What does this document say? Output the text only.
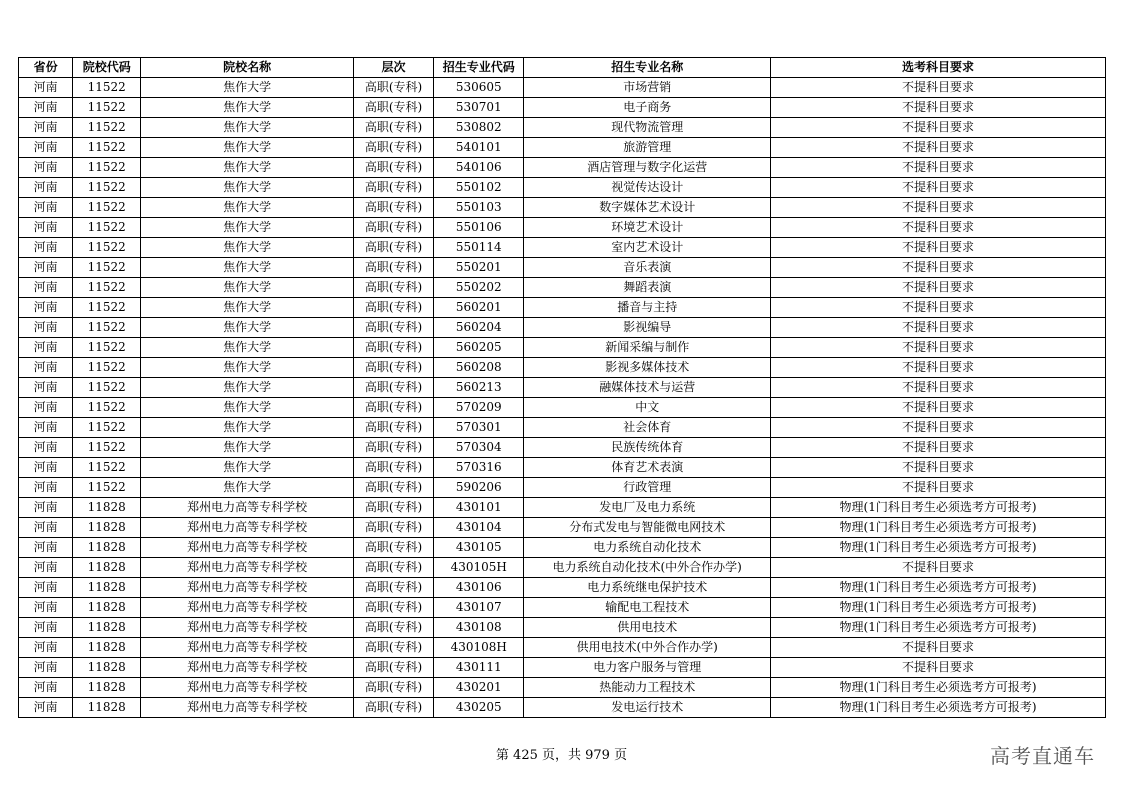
省份	院校代码	院校名称	层次	招生专业代码	招生专业名称	选考科目要求
河南	11522	焦作大学	高职(专科)	530605	市场营销	不提科目要求
河南	11522	焦作大学	高职(专科)	530701	电子商务	不提科目要求
河南	11522	焦作大学	高职(专科)	530802	现代物流管理	不提科目要求
河南	11522	焦作大学	高职(专科)	540101	旅游管理	不提科目要求
河南	11522	焦作大学	高职(专科)	540106	酒店管理与数字化运营	不提科目要求
河南	11522	焦作大学	高职(专科)	550102	视觉传达设计	不提科目要求
河南	11522	焦作大学	高职(专科)	550103	数字媒体艺术设计	不提科目要求
河南	11522	焦作大学	高职(专科)	550106	环境艺术设计	不提科目要求
河南	11522	焦作大学	高职(专科)	550114	室内艺术设计	不提科目要求
河南	11522	焦作大学	高职(专科)	550201	音乐表演	不提科目要求
河南	11522	焦作大学	高职(专科)	550202	舞蹈表演	不提科目要求
河南	11522	焦作大学	高职(专科)	560201	播音与主持	不提科目要求
河南	11522	焦作大学	高职(专科)	560204	影视编导	不提科目要求
河南	11522	焦作大学	高职(专科)	560205	新闻采编与制作	不提科目要求
河南	11522	焦作大学	高职(专科)	560208	影视多媒体技术	不提科目要求
河南	11522	焦作大学	高职(专科)	560213	融媒体技术与运营	不提科目要求
河南	11522	焦作大学	高职(专科)	570209	中文	不提科目要求
河南	11522	焦作大学	高职(专科)	570301	社会体育	不提科目要求
河南	11522	焦作大学	高职(专科)	570304	民族传统体育	不提科目要求
河南	11522	焦作大学	高职(专科)	570316	体育艺术表演	不提科目要求
河南	11522	焦作大学	高职(专科)	590206	行政管理	不提科目要求
河南	11828	郑州电力高等专科学校	高职(专科)	430101	发电厂及电力系统	物理(1门科目考生必须选考方可报考)
河南	11828	郑州电力高等专科学校	高职(专科)	430104	分布式发电与智能微电网技术	物理(1门科目考生必须选考方可报考)
河南	11828	郑州电力高等专科学校	高职(专科)	430105	电力系统自动化技术	物理(1门科目考生必须选考方可报考)
河南	11828	郑州电力高等专科学校	高职(专科)	430105H	电力系统自动化技术(中外合作办学)	不提科目要求
河南	11828	郑州电力高等专科学校	高职(专科)	430106	电力系统继电保护技术	物理(1门科目考生必须选考方可报考)
河南	11828	郑州电力高等专科学校	高职(专科)	430107	输配电工程技术	物理(1门科目考生必须选考方可报考)
河南	11828	郑州电力高等专科学校	高职(专科)	430108	供用电技术	物理(1门科目考生必须选考方可报考)
河南	11828	郑州电力高等专科学校	高职(专科)	430108H	供用电技术(中外合作办学)	不提科目要求
河南	11828	郑州电力高等专科学校	高职(专科)	430111	电力客户服务与管理	不提科目要求
河南	11828	郑州电力高等专科学校	高职(专科)	430201	热能动力工程技术	物理(1门科目考生必须选考方可报考)
河南	11828	郑州电力高等专科学校	高职(专科)	430205	发电运行技术	物理(1门科目考生必须选考方可报考)
第 425 页，共 979 页	高考直通车
